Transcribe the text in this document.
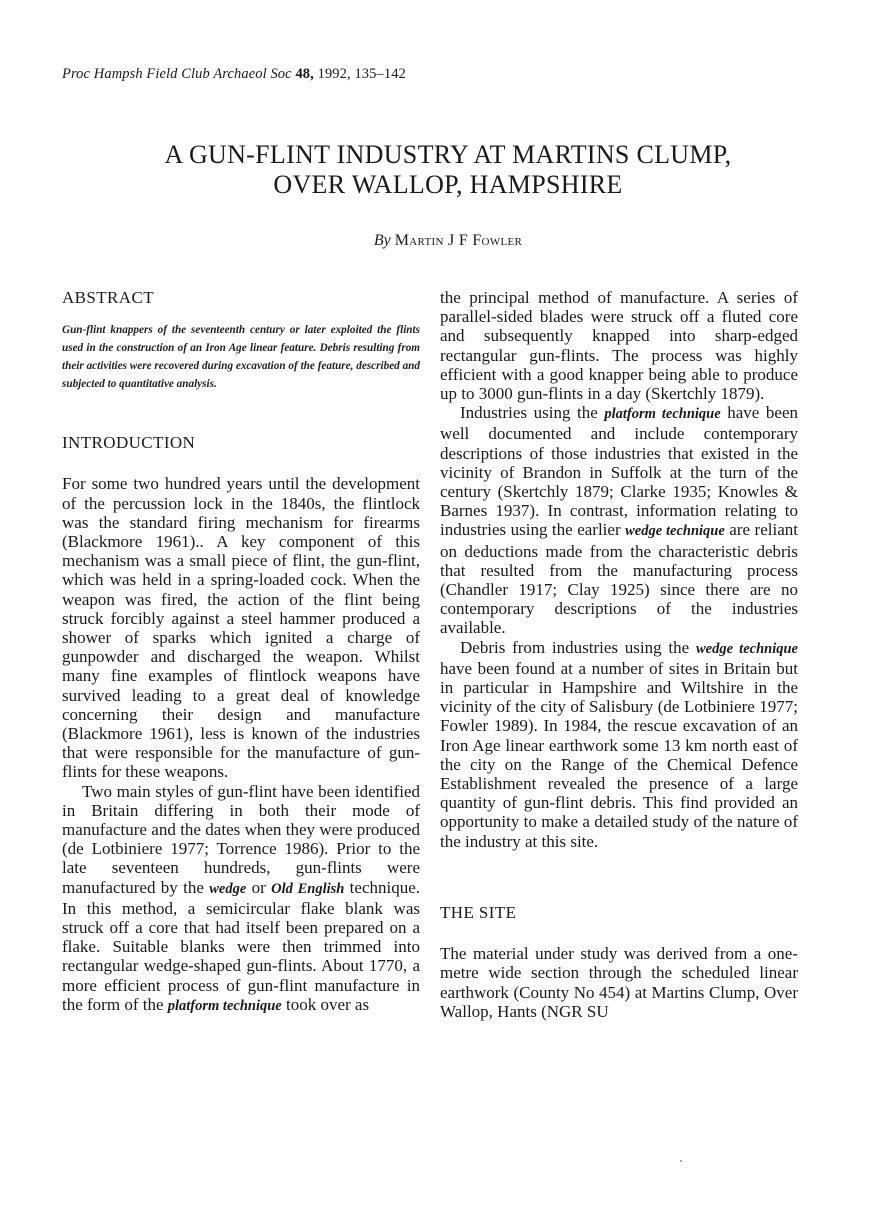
Proc Hampsh Field Club Archaeol Soc 48, 1992, 135–142
A GUN-FLINT INDUSTRY AT MARTINS CLUMP,
OVER WALLOP, HAMPSHIRE
By Martin J F Fowler
ABSTRACT

Gun-flint knappers of the seventeenth century or later exploited the flints used in the construction of an Iron Age linear feature. Debris resulting from their activities were recovered during excavation of the feature, described and subjected to quantitative analysis.

INTRODUCTION

For some two hundred years until the development of the percussion lock in the 1840s, the flintlock was the standard firing mechanism for firearms (Blackmore 1961).. A key component of this mechanism was a small piece of flint, the gun-flint, which was held in a spring-loaded cock. When the weapon was fired, the action of the flint being struck forcibly against a steel hammer produced a shower of sparks which ignited a charge of gunpowder and discharged the weapon. Whilst many fine examples of flintlock weapons have survived leading to a great deal of knowledge concerning their design and manufacture (Blackmore 1961), less is known of the industries that were responsible for the manufacture of gun-flints for these weapons.

Two main styles of gun-flint have been identified in Britain differing in both their mode of manufacture and the dates when they were produced (de Lotbiniere 1977; Torrence 1986). Prior to the late seventeen hundreds, gun-flints were manufactured by the wedge or Old English technique. In this method, a semicircular flake blank was struck off a core that had itself been prepared on a flake. Suitable blanks were then trimmed into rectangular wedge-shaped gun-flints. About 1770, a more efficient process of gun-flint manufacture in the form of the platform technique took over as

the principal method of manufacture. A series of parallel-sided blades were struck off a fluted core and subsequently knapped into sharp-edged rectangular gun-flints. The process was highly efficient with a good knapper being able to produce up to 3000 gun-flints in a day (Skertchly 1879).

Industries using the platform technique have been well documented and include contemporary descriptions of those industries that existed in the vicinity of Brandon in Suffolk at the turn of the century (Skertchly 1879; Clarke 1935; Knowles & Barnes 1937). In contrast, information relating to industries using the earlier wedge technique are reliant on deductions made from the characteristic debris that resulted from the manufacturing process (Chandler 1917; Clay 1925) since there are no contemporary descriptions of the industries available.

Debris from industries using the wedge technique have been found at a number of sites in Britain but in particular in Hampshire and Wiltshire in the vicinity of the city of Salisbury (de Lotbiniere 1977; Fowler 1989). In 1984, the rescue excavation of an Iron Age linear earthwork some 13 km north east of the city on the Range of the Chemical Defence Establishment revealed the presence of a large quantity of gun-flint debris. This find provided an opportunity to make a detailed study of the nature of the industry at this site.

THE SITE

The material under study was derived from a one-metre wide section through the scheduled linear earthwork (County No 454) at Martins Clump, Over Wallop, Hants (NGR SU
